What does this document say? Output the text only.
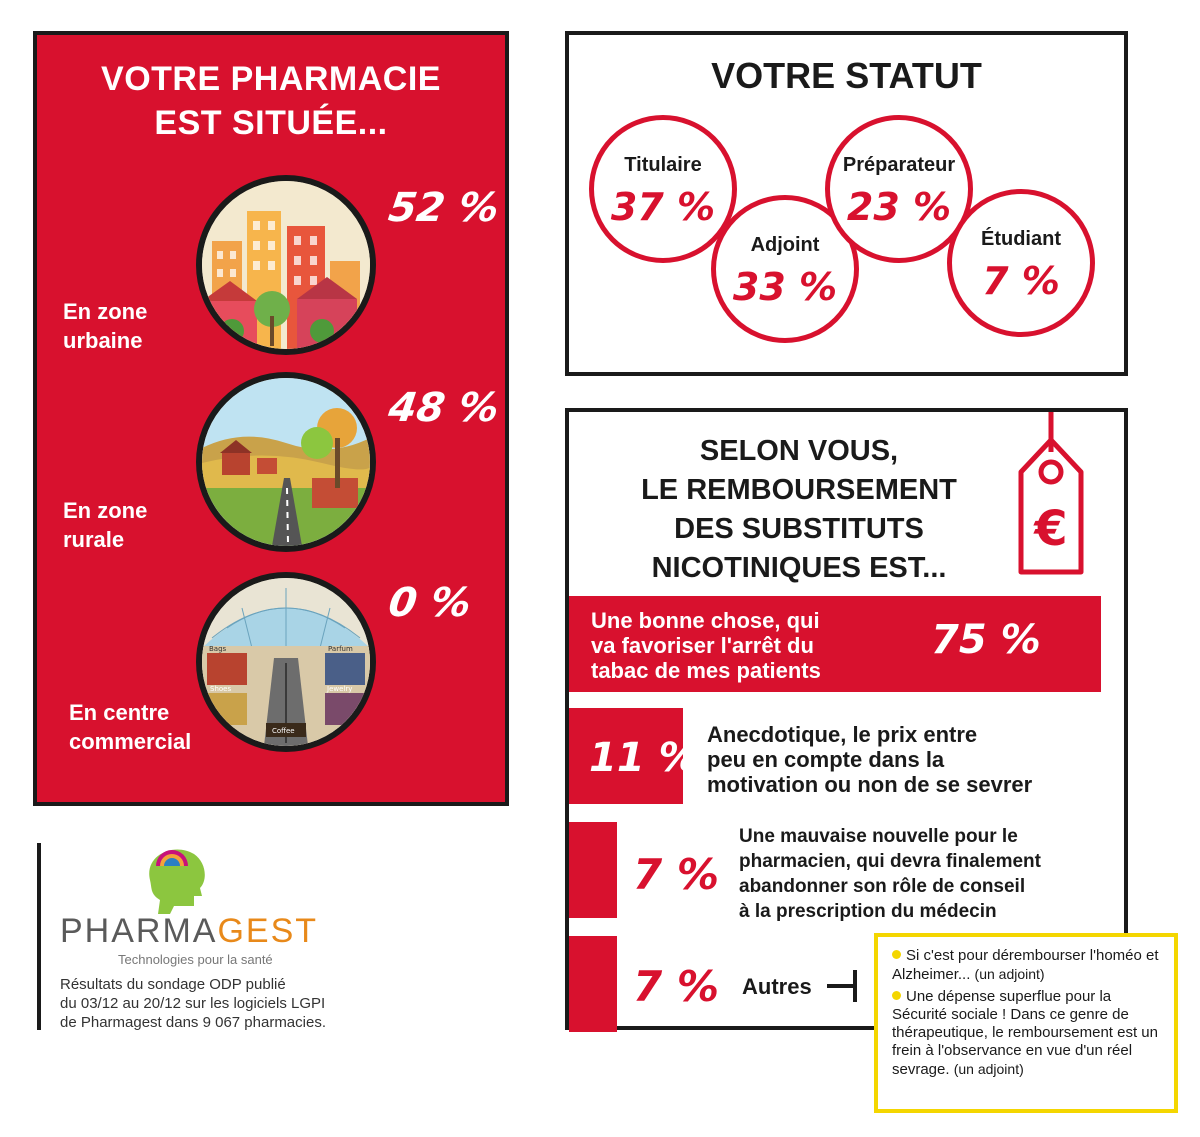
VOTRE PHARMACIE
EST SITUÉE...
52 %
En zone
urbaine
48 %
En zone
rurale
Bags	Parfum
Shoes	Jewelry
Coffee
0 %
En centre
commercial
VOTRE STATUT
Titulaire
37 %
Adjoint
33 %
Préparateur
23 %
Étudiant
7 %
SELON VOUS,
LE REMBOURSEMENT
DES SUBSTITUTS
NICOTINIQUES EST...
€
Une bonne chose, qui
va favoriser l'arrêt du
tabac de mes patients
75 %
11 %
Anecdotique, le prix entre
peu en compte dans la
motivation ou non de se sevrer
7 %
Une mauvaise nouvelle pour le
pharmacien, qui devra finalement
abandonner son rôle de conseil
à la prescription du médecin
7 % Autres
Si c'est pour dérembourser l'homéo et Alzheimer... (un adjoint)
Une dépense superflue pour la Sécurité sociale ! Dans ce genre de thérapeutique, le remboursement est un frein à l'observance en vue d'un réel sevrage. (un adjoint)
PHARMAGEST
Technologies pour la santé
Résultats du sondage ODP publié
du 03/12 au 20/12 sur les logiciels LGPI
de Pharmagest dans 9 067 pharmacies.
